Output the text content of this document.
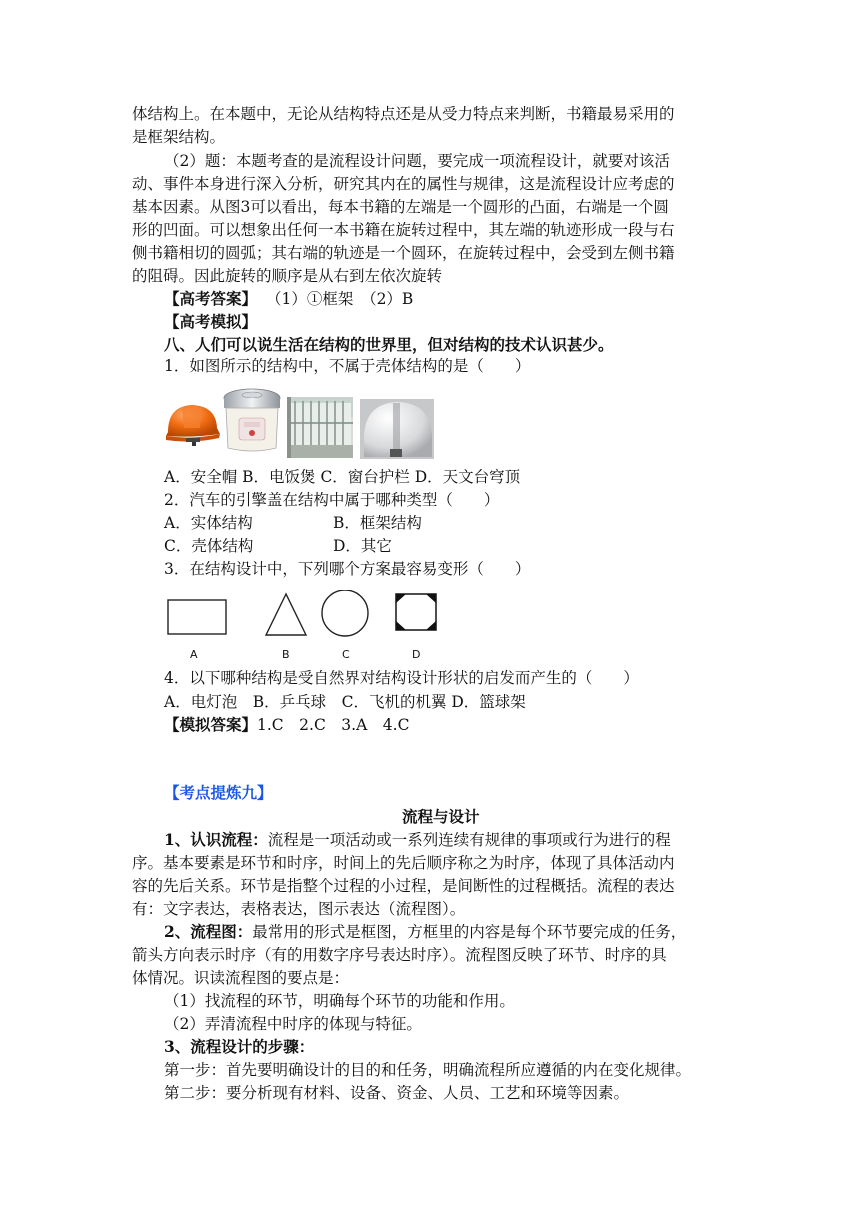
体结构上。在本题中，无论从结构特点还是从受力特点来判断，书籍最易采用的
是框架结构。
（2）题：本题考查的是流程设计问题，要完成一项流程设计，就要对该活
动、事件本身进行深入分析，研究其内在的属性与规律，这是流程设计应考虑的
基本因素。从图3可以看出，每本书籍的左端是一个圆形的凸面，右端是一个圆
形的凹面。可以想象出任何一本书籍在旋转过程中，其左端的轨迹形成一段与右
侧书籍相切的圆弧；其右端的轨迹是一个圆环，在旋转过程中，会受到左侧书籍
的阻碍。因此旋转的顺序是从右到左依次旋转
【高考答案】 （1）①框架　（2）B
【高考模拟】
八、人们可以说生活在结构的世界里，但对结构的技术认识甚少。
1．如图所示的结构中，不属于壳体结构的是（　　）
A．安全帽 B．电饭煲 C．窗台护栏 D．天文台穹顶
2．汽车的引擎盖在结构中属于哪种类型（　　）
A．实体结构	B．框架结构
C．壳体结构	D．其它
3．在结构设计中，下列哪个方案最容易变形（　　）
A	B	C	D
4．以下哪种结构是受自然界对结构设计形状的启发而产生的（　　）
A．电灯泡　B．乒乓球　C．飞机的机翼 D．篮球架
【模拟答案】1.C　2.C　3.A　4.C
【考点提炼九】
流程与设计
1、认识流程：流程是一项活动或一系列连续有规律的事项或行为进行的程
序。基本要素是环节和时序，时间上的先后顺序称之为时序，体现了具体活动内
容的先后关系。环节是指整个过程的小过程，是间断性的过程概括。流程的表达
有：文字表达，表格表达，图示表达（流程图）。
2、流程图：最常用的形式是框图，方框里的内容是每个环节要完成的任务，
箭头方向表示时序（有的用数字序号表达时序）。流程图反映了环节、时序的具
体情况。识读流程图的要点是：
（1）找流程的环节，明确每个环节的功能和作用。
（2）弄清流程中时序的体现与特征。
3、流程设计的步骤：
第一步：首先要明确设计的目的和任务，明确流程所应遵循的内在变化规律。
第二步：要分析现有材料、设备、资金、人员、工艺和环境等因素。
